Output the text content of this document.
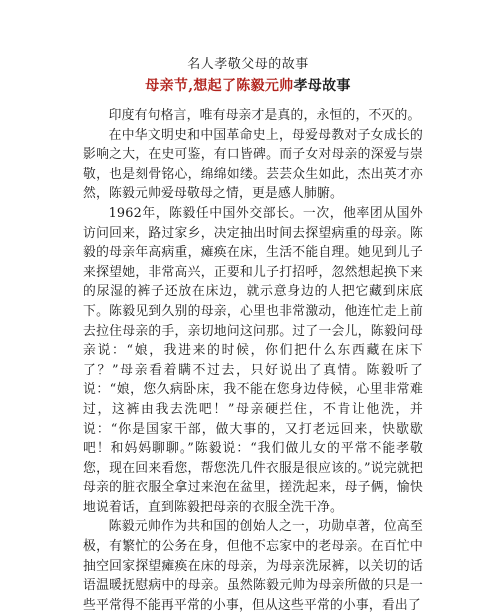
名人孝敬父母的故事
母亲节,想起了陈毅元帅孝母故事

印度有句格言，唯有母亲才是真的，永恒的，不灭的。

在中华文明史和中国革命史上，母爱母教对子女成长的影响之大，在史可鉴，有口皆碑。而子女对母亲的深爱与崇敬，也是刻骨铭心，绵绵如缕。芸芸众生如此，杰出英才亦然，陈毅元帅爱母敬母之情，更是感人肺腑。

1962年，陈毅任中国外交部长。一次，他率团从国外访问回来，路过家乡，决定抽出时间去探望病重的母亲。陈毅的母亲年高病重，瘫痪在床，生活不能自理。她见到儿子来探望她，非常高兴，正要和儿子打招呼，忽然想起换下来的尿湿的裤子还放在床边，就示意身边的人把它藏到床底下。陈毅见到久别的母亲，心里也非常激动，他连忙走上前去拉住母亲的手，亲切地问这问那。过了一会儿，陈毅问母亲说：“娘，我进来的时候，你们把什么东西藏在床下了？”母亲看着瞒不过去，只好说出了真情。陈毅听了说：“娘，您久病卧床，我不能在您身边侍候，心里非常难过，这裤由我去洗吧！”母亲硬拦住，不肯让他洗，并说：“你是国家干部，做大事的，又打老远回来，快歇歇吧！和妈妈聊聊。”陈毅说：“我们做儿女的平常不能孝敬您，现在回来看您，帮您洗几件衣服是很应该的。”说完就把母亲的脏衣服全拿过来泡在盆里，搓洗起来，母子俩，愉快地说着话，直到陈毅把母亲的衣服全洗干净。

陈毅元帅作为共和国的创始人之一，功勋卓著，位高至极，有繁忙的公务在身，但他不忘家中的老母亲。在百忙中抽空回家探望瘫痪在床的母亲，为母亲洗尿裤，以关切的话语温暖抚慰病中的母亲。虽然陈毅元帅为母亲所做的只是一些平常得不能再平常的小事，但从这些平常的小事，看出了
